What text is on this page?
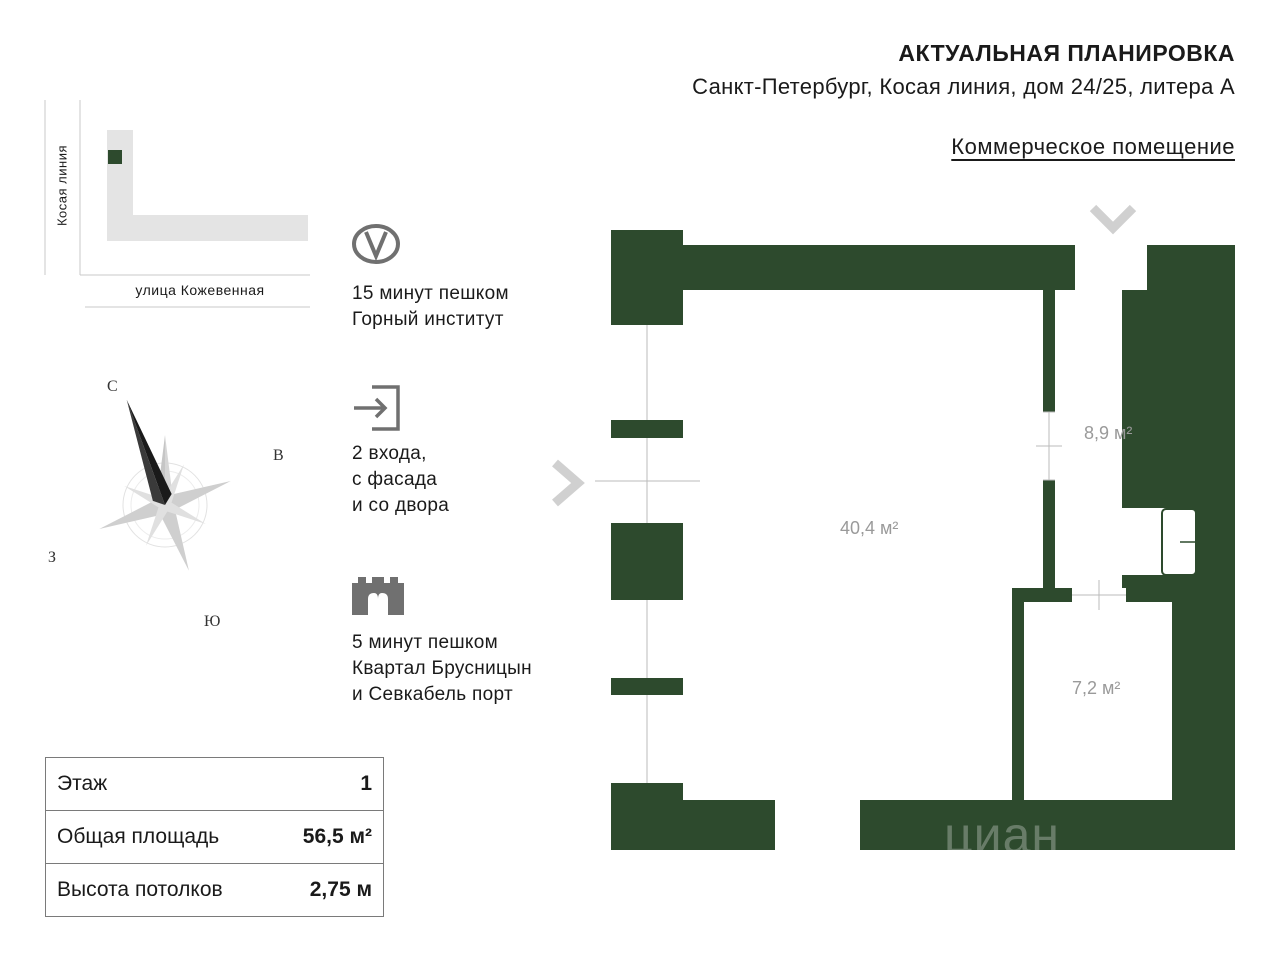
АКТУАЛЬНАЯ ПЛАНИРОВКА
Санкт-Петербург, Косая линия, дом 24/25, литера А
Коммерческое помещение
Косая линия
улица Кожевенная
С
В
З
Ю
15 минут пешком
Горный институт
2 входа,
с фасада
и со двора
5 минут пешком
Квартал Брусницын
и Севкабель порт
Этаж	1
Общая площадь	56,5 м²
Высота потолков	2,75 м
40,4 м²
8,9 м²
7,2 м²
циан
